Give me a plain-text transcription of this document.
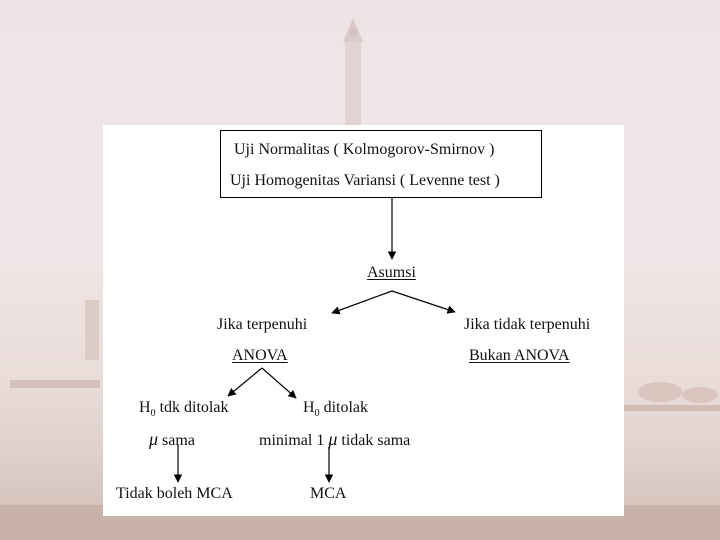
Uji Normalitas ( Kolmogorov-Smirnov )
Uji Homogenitas Variansi ( Levenne test )
Asumsi
Jika terpenuhi
ANOVA
Jika tidak terpenuhi
Bukan ANOVA
$H_0$ tdk ditolak
μ sama
Tidak boleh MCA
$H_0$ ditolak
minimal 1 μ tidak sama
MCA
